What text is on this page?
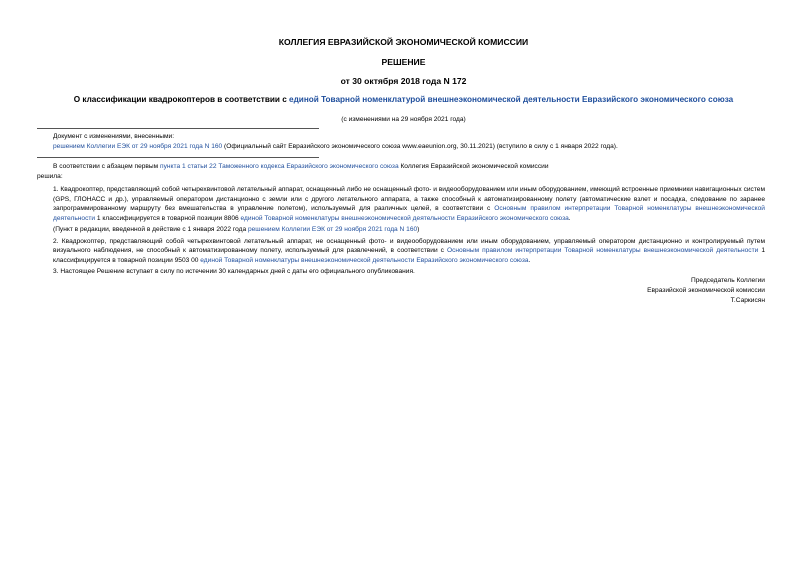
КОЛЛЕГИЯ ЕВРАЗИЙСКОЙ ЭКОНОМИЧЕСКОЙ КОМИССИИ
РЕШЕНИЕ
от 30 октября 2018 года N 172
О классификации квадрокоптеров в соответствии с единой Товарной номенклатурой внешнеэкономической деятельности Евразийского экономического союза
(с изменениями на 29 ноября 2021 года)
Документ с изменениями, внесенными:
решением Коллегии ЕЭК от 29 ноября 2021 года N 160 (Официальный сайт Евразийского экономического союза www.eaeunion.org, 30.11.2021) (вступило в силу с 1 января 2022 года).
В соответствии с абзацем первым пункта 1 статьи 22 Таможенного кодекса Евразийского экономического союза Коллегия Евразийской экономической комиссии
решила:
1. Квадрокоптер, представляющий собой четырехвинтовой летательный аппарат, оснащенный либо не оснащенный фото- и видеооборудованием или иным оборудованием, имеющий встроенные приемники навигационных систем (GPS, ГЛОНАСС и др.), управляемый оператором дистанционно с земли или с другого летательного аппарата, а также способный к автоматизированному полету (автоматические взлет и посадка, следование по заранее запрограммированному маршруту без вмешательства в управление полетом), используемый для различных целей, в соответствии с Основным правилом интерпретации Товарной номенклатуры внешнеэкономической деятельности 1 классифицируется в товарной позиции 8806 единой Товарной номенклатуры внешнеэкономической деятельности Евразийского экономического союза.
(Пункт в редакции, введенной в действие с 1 января 2022 года решением Коллегии ЕЭК от 29 ноября 2021 года N 160)
2. Квадрокоптер, представляющий собой четырехвинтовой летательный аппарат, не оснащенный фото- и видеооборудованием или иным оборудованием, управляемый оператором дистанционно и контролируемый путем визуального наблюдения, не способный к автоматизированному полету, используемый для развлечений, в соответствии с Основным правилом интерпретации Товарной номенклатуры внешнеэкономической деятельности 1 классифицируется в товарной позиции 9503 00 единой Товарной номенклатуры внешнеэкономической деятельности Евразийского экономического союза.
3. Настоящее Решение вступает в силу по истечении 30 календарных дней с даты его официального опубликования.
Председатель Коллегии
Евразийской экономической комиссии
Т.Саркисян
